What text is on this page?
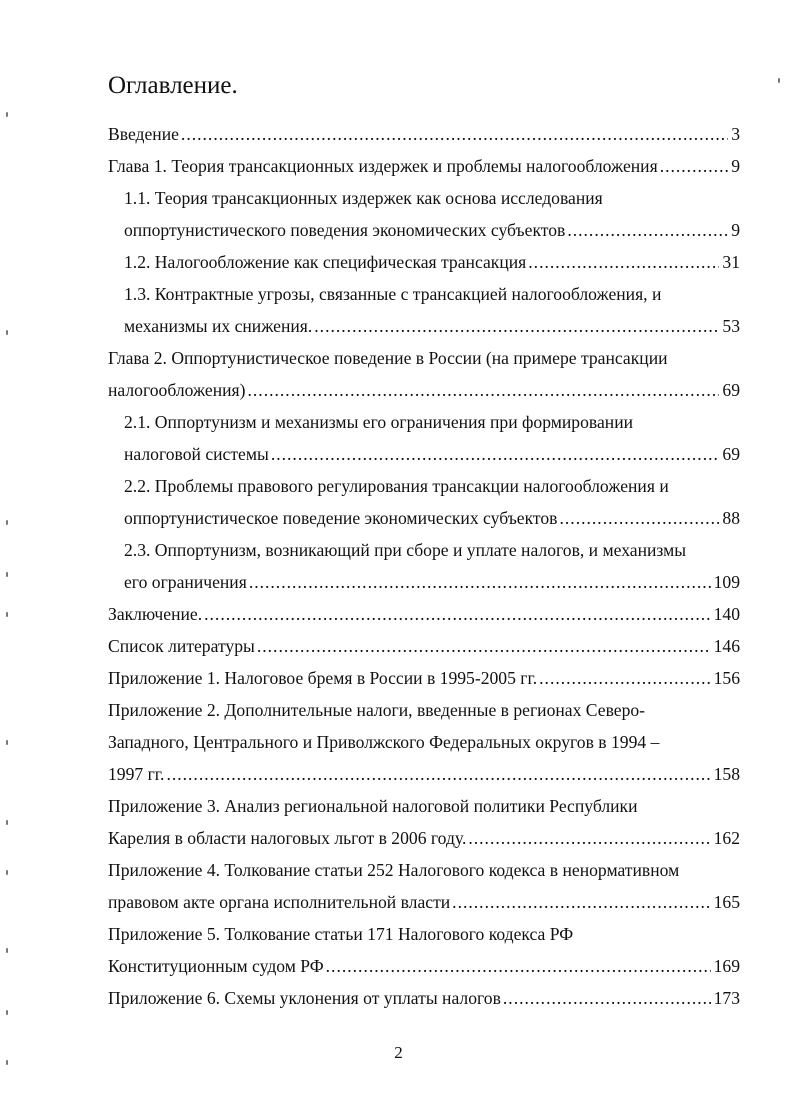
Оглавление.
Введение .....	3
Глава 1. Теория трансакционных издержек и проблемы налогообложения .....	9
1.1. Теория трансакционных издержек как основа исследования
оппортунистического поведения экономических субъектов .....	9
1.2. Налогообложение как специфическая трансакция .....	31
1.3. Контрактные угрозы, связанные с трансакцией налогообложения, и
механизмы их снижения. .....	53
Глава 2. Оппортунистическое поведение в России (на примере трансакции
налогообложения) .....	69
2.1. Оппортунизм и механизмы его ограничения при формировании
налоговой системы .....	69
2.2. Проблемы правового регулирования трансакции налогообложения и
оппортунистическое поведение экономических субъектов .....	88
2.3. Оппортунизм, возникающий при сборе и уплате налогов, и механизмы
его ограничения .....	109
Заключение. .....	140
Список литературы .....	146
Приложение 1. Налоговое бремя в России в 1995-2005 гг. .....	156
Приложение 2. Дополнительные налоги, введенные в регионах Северо-
Западного, Центрального и Приволжского Федеральных округов в 1994 –
1997 гг. .....	158
Приложение 3. Анализ региональной налоговой политики Республики
Карелия в области налоговых льгот в 2006 году. .....	162
Приложение 4. Толкование статьи 252 Налогового кодекса в ненормативном
правовом акте органа исполнительной власти .....	165
Приложение 5. Толкование статьи 171 Налогового кодекса РФ
Конституционным судом РФ .....	169
Приложение 6. Схемы уклонения от уплаты налогов .....	173
2
